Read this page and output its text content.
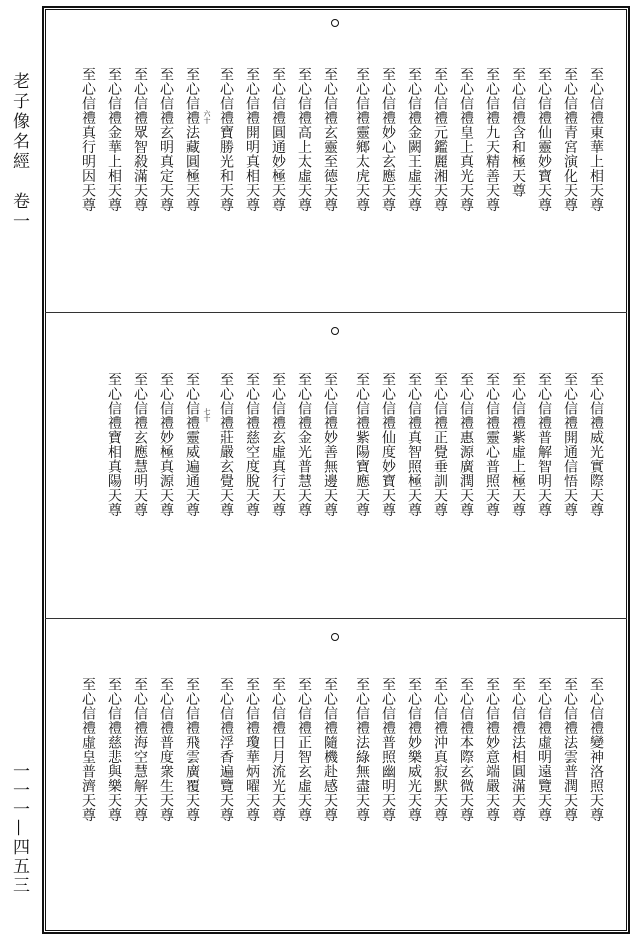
老子像名經　卷一
一一一—四五三
至心信禮東華上相天尊
至心信禮青宮演化天尊
至心信禮仙靈妙寶天尊
至心信禮含和極天尊
至心信禮九天精善天尊
至心信禮皇上真光天尊
至心信禮元鑑麗湘天尊
至心信禮金闕王虛天尊
至心信禮妙心玄應天尊
至心信禮靈鄉太虎天尊
至心信禮玄靈至德天尊
至心信禮高上太虛天尊
至心信禮圓通妙極天尊
至心信禮開明真相天尊
至心信禮寶勝光和天尊
至心信禮法藏圓極天尊
至心信禮玄明真定天尊
至心信禮眾智殺滿天尊
至心信禮金華上相天尊
至心信禮真行明因天尊	六十
至心信禮威光實際天尊
至心信禮開通信悟天尊
至心信禮普解智明天尊
至心信禮紫虛上極天尊
至心信禮靈心普照天尊
至心信禮惠源廣潤天尊
至心信禮正覺垂訓天尊
至心信禮真智照極天尊
至心信禮仙度妙寶天尊
至心信禮紫陽寶應天尊
至心信禮妙善無邊天尊
至心信禮金光普慧天尊
至心信禮玄虛真行天尊
至心信禮慈空度脫天尊
至心信禮莊嚴玄覺天尊
至心信禮靈威遍通天尊
至心信禮妙極真源天尊
至心信禮玄應慧明天尊
至心信禮寶相真陽天尊	七十
至心信禮變神洛照天尊
至心信禮法雲普潤天尊
至心信禮虛明遠覽天尊
至心信禮法相圓滿天尊
至心信禮妙意端嚴天尊
至心信禮本際玄微天尊
至心信禮沖真寂默天尊
至心信禮妙樂威光天尊
至心信禮普照幽明天尊
至心信禮法綠無盡天尊
至心信禮隨機赴感天尊
至心信禮正智玄虛天尊
至心信禮日月流光天尊
至心信禮瓊華炳曜天尊
至心信禮浮香遍覽天尊
至心信禮飛雲廣覆天尊
至心信禮普度衆生天尊
至心信禮海空慧解天尊
至心信禮慈悲與樂天尊
至心信禮虛皇普濟天尊
